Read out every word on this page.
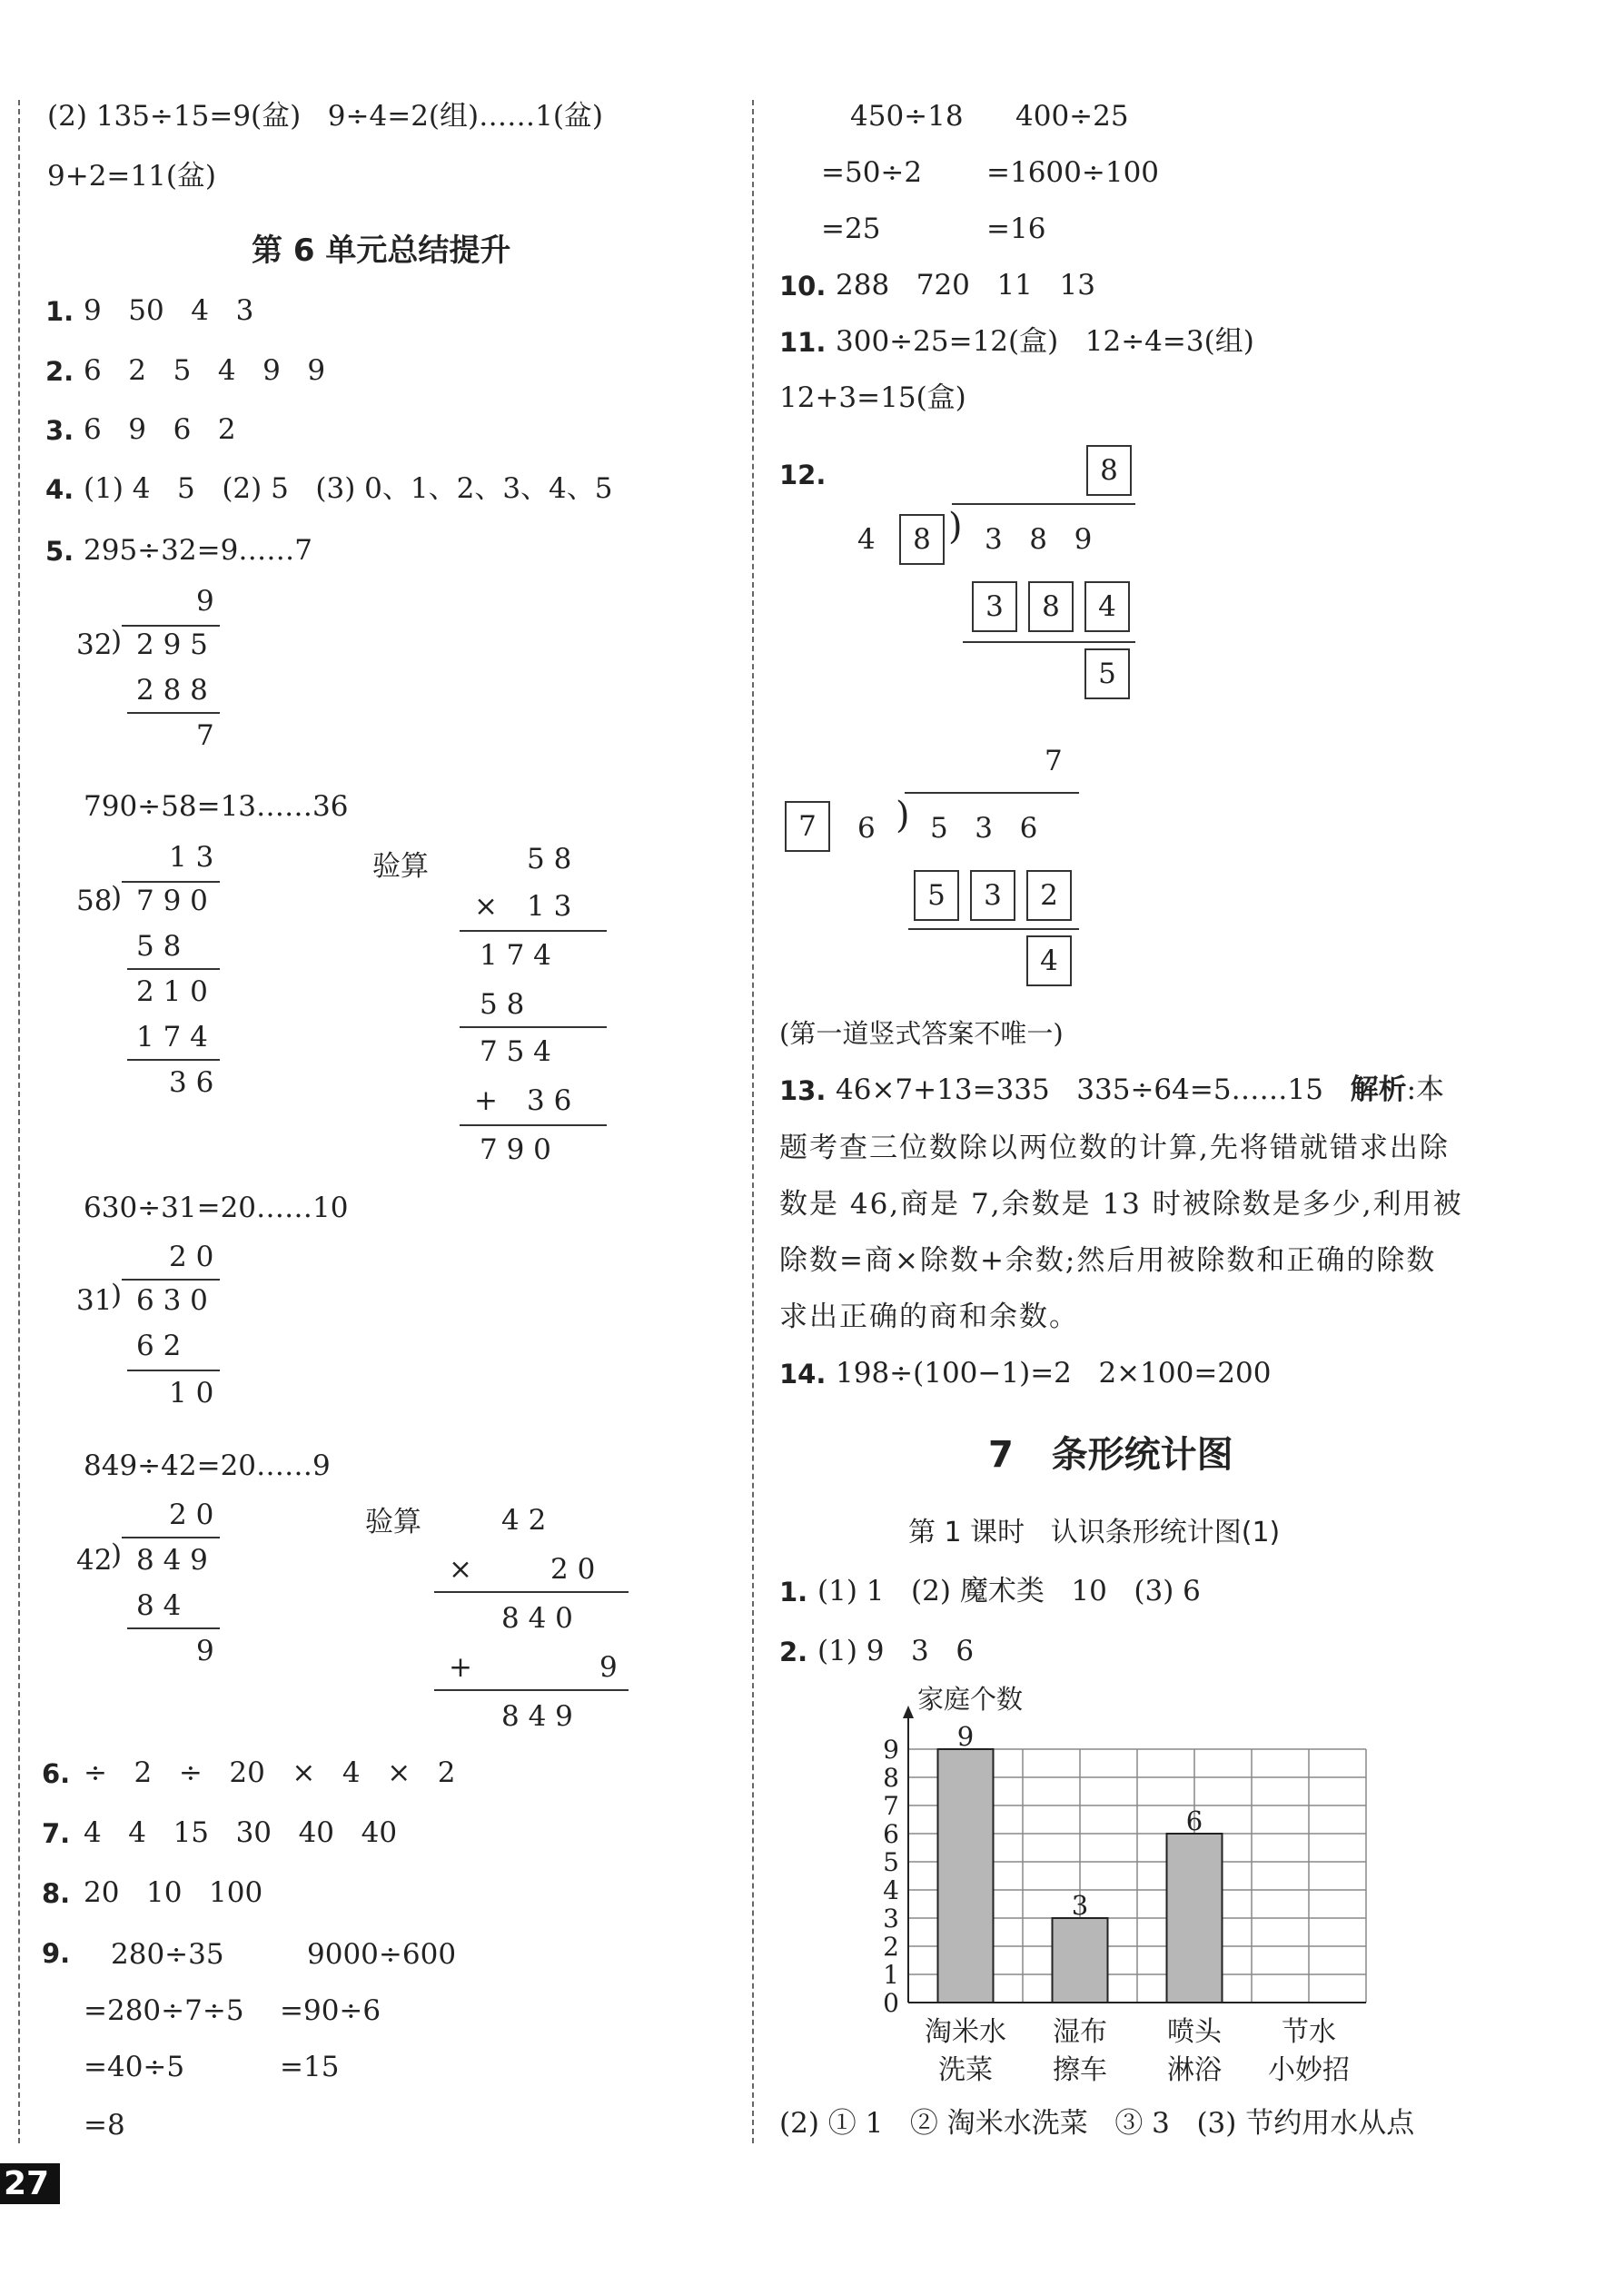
(2) 135÷15=9(盆)   9÷4=2(组)……1(盆)
9+2=11(盆)
第 6 单元总结提升
1. 9   50   4   3
2. 6   2   5   4   9   9
3. 6   9   6   2
4. (1) 4   5   (2) 5   (3) 0、1、2、3、4、5
5. 295÷32=9……7
9
32
) 2 9 5
2 8 8
7
790÷58=13……36
1 3
58
) 7 9 0
5 8
2 1 0
1 7 4
3 6
验算	5 8
× 1 3
1 7 4
5 8
7 5 4
+ 3 6
7 9 0
630÷31=20……10
2 0
31
) 6 3 0
6 2
1 0
849÷42=20……9
2 0
42
) 8 4 9
8 4
9
验算	4 2
×	2 0
8 4 0
+	9
8 4 9
6. ÷   2   ÷   20   ×   4   ×   2
7. 4   4   15   30   40   40
8. 20   10   100
9. 280÷35
=280÷7÷5
=40÷5
=8
9000÷600
=90÷6
=15
450÷18
=50÷2
=25
400÷25
=1600÷100
=16
10. 288   720   11   13
11. 300÷25=12(盒)   12÷4=3(组)
12+3=15(盒)
12.	8
4	8 ) 3   8   9
3	8	4
5
7
7	6 ) 5   3   6
5	3	2
4
(第一道竖式答案不唯一)
13. 46×7+13=335   335÷64=5……15   解析:本
题考查三位数除以两位数的计算,先将错就错求出除
数是 46,商是 7,余数是 13 时被除数是多少,利用被
除数=商×除数+余数;然后用被除数和正确的除数
求出正确的商和余数。
14. 198÷(100−1)=2   2×100=200
7   条形统计图
第 1 课时   认识条形统计图(1)
1. (1) 1   (2) 魔术类   10   (3) 6
2. (1) 9   3   6
家庭个数
0
1
2
3
4
5
6
7
8
9 9
淘米水
洗菜
3
湿布
擦车
6
喷头
淋浴
节水
小妙招
(2) ① 1   ② 淘米水洗菜   ③ 3   (3) 节约用水从点
27
